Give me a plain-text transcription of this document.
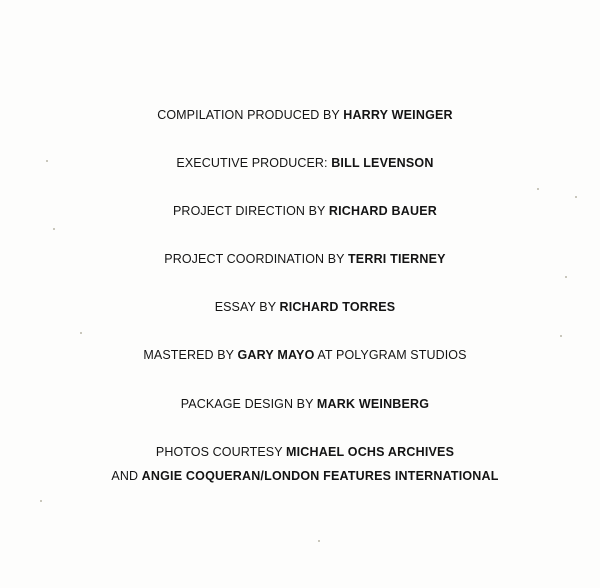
COMPILATION PRODUCED BY HARRY WEINGER
EXECUTIVE PRODUCER: BILL LEVENSON
PROJECT DIRECTION BY RICHARD BAUER
PROJECT COORDINATION BY TERRI TIERNEY
ESSAY BY RICHARD TORRES
MASTERED BY GARY MAYO AT POLYGRAM STUDIOS
PACKAGE DESIGN BY MARK WEINBERG
PHOTOS COURTESY MICHAEL OCHS ARCHIVES
AND ANGIE COQUERAN/LONDON FEATURES INTERNATIONAL
